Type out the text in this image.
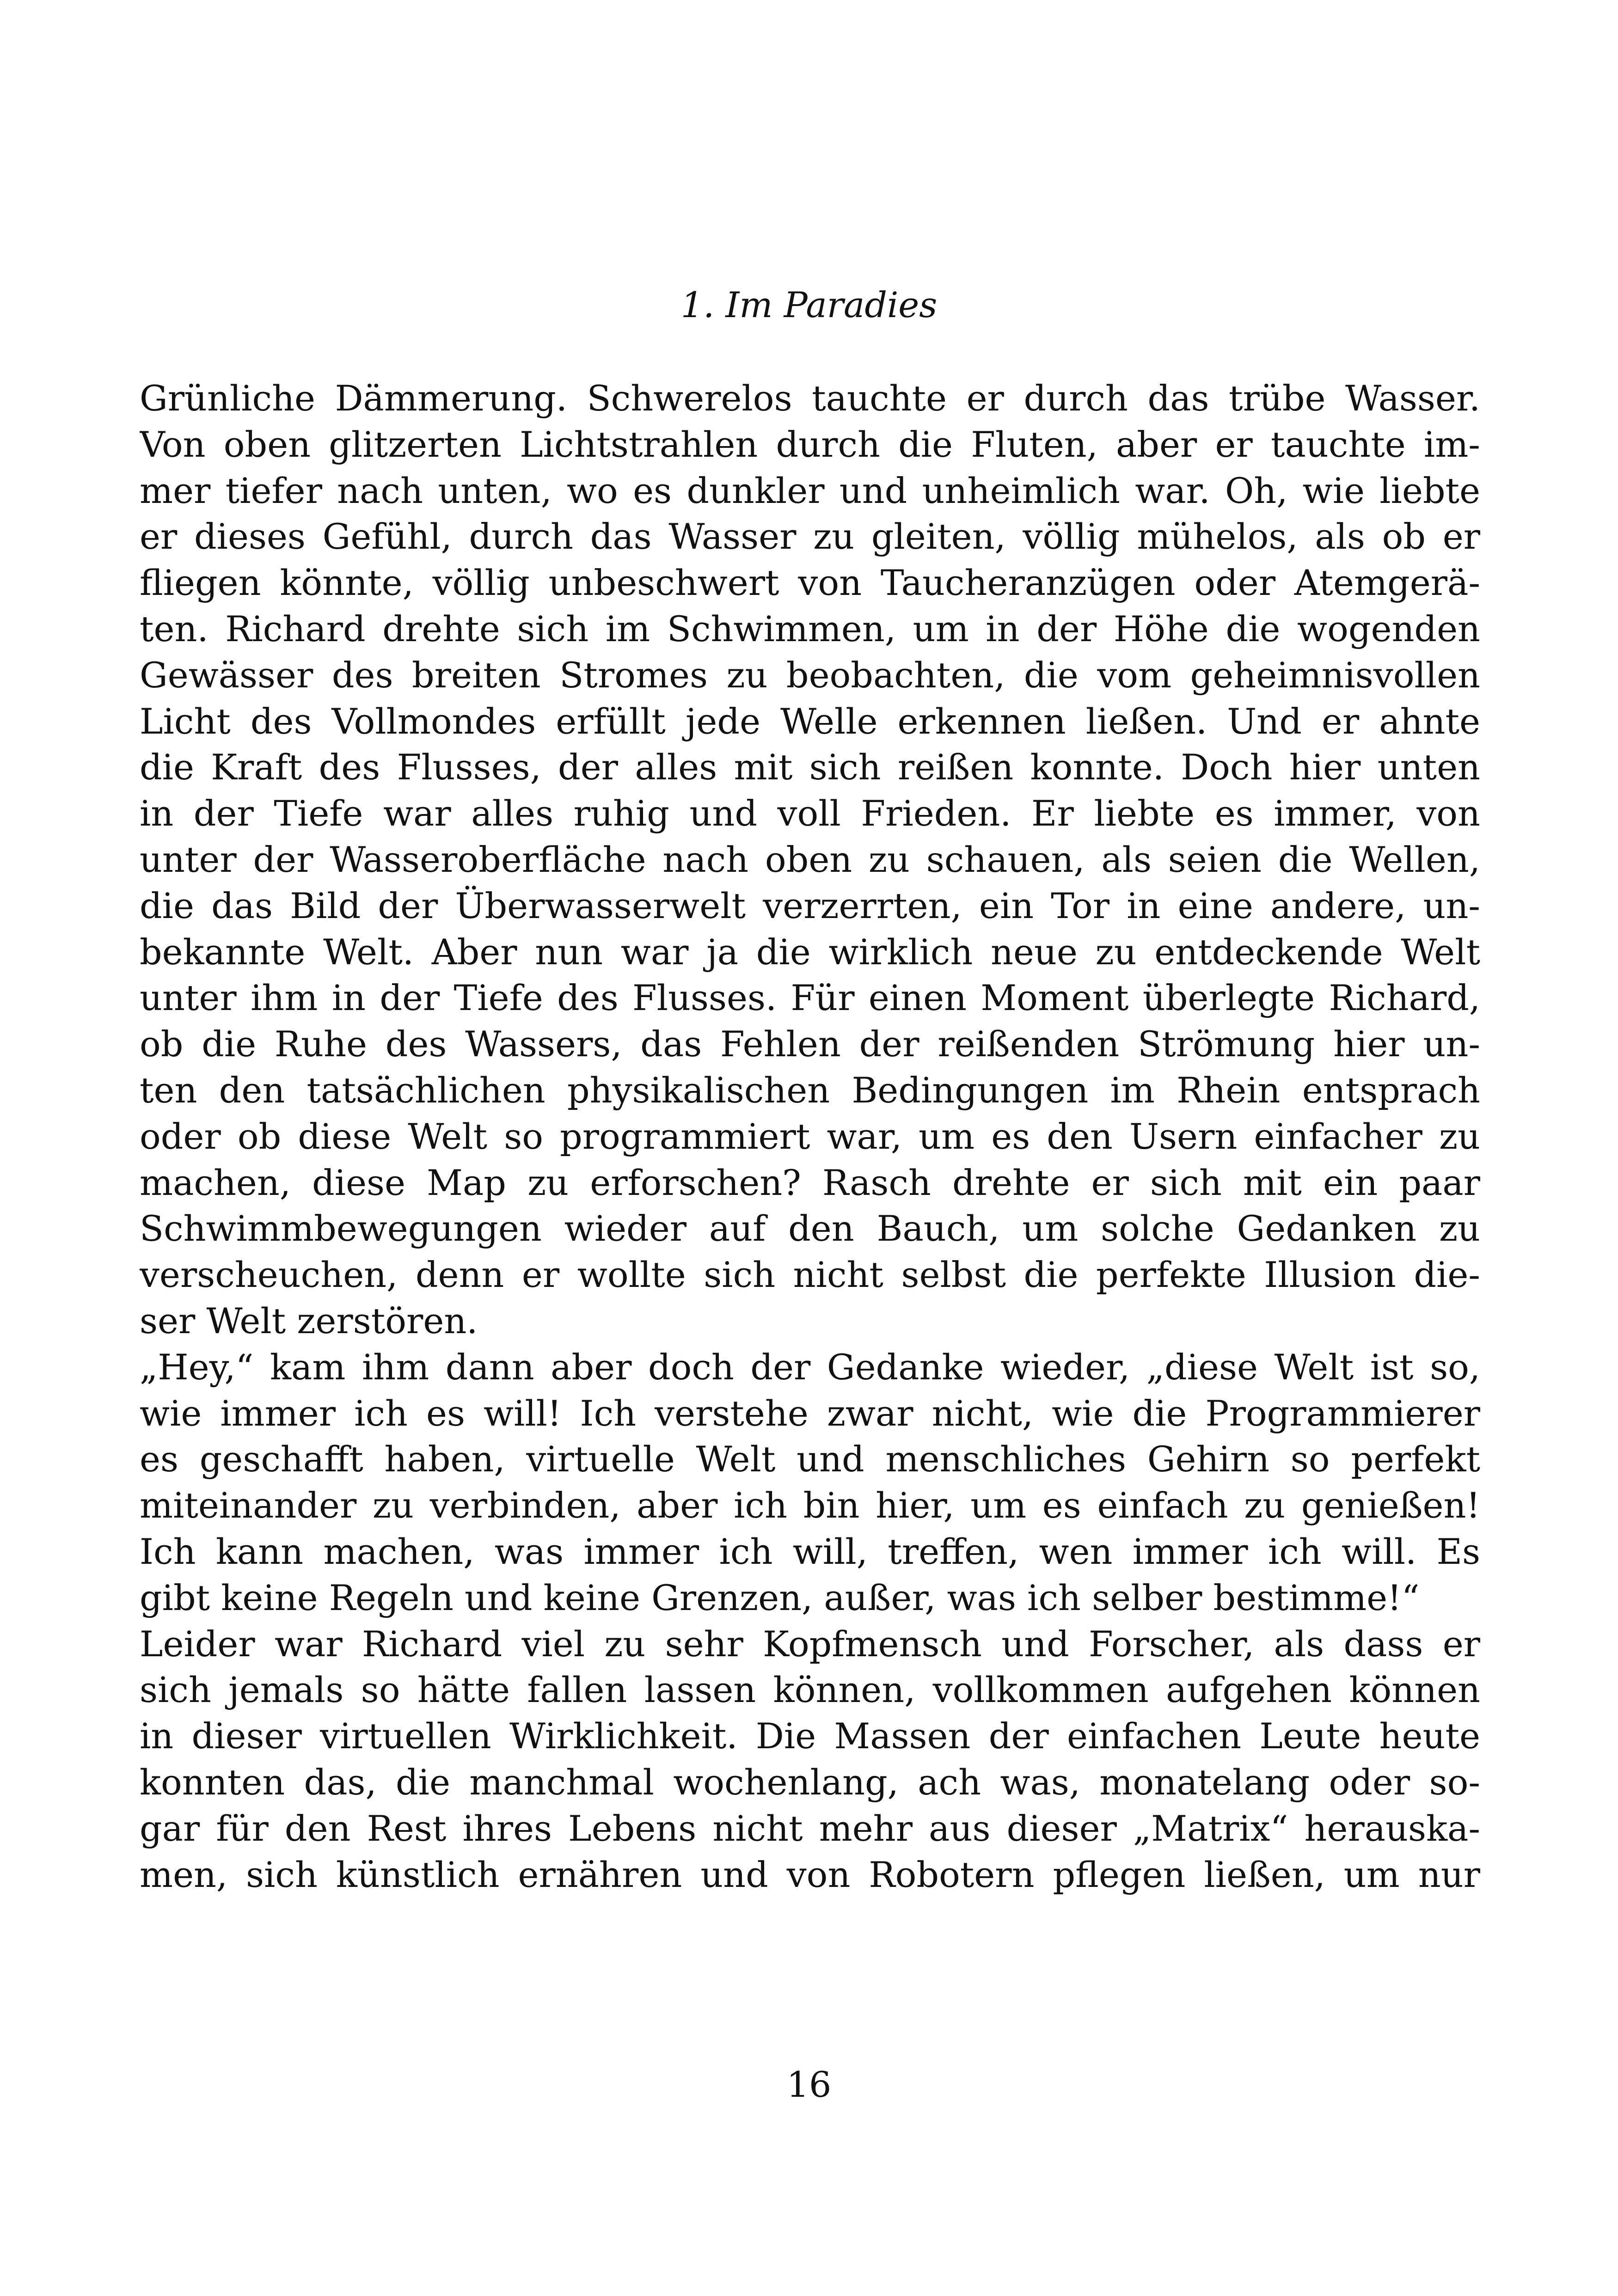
1. Im Paradies
Grünliche Dämmerung. Schwerelos tauchte er durch das trübe Wasser.
Von oben glitzerten Lichtstrahlen durch die Fluten, aber er tauchte im-
mer tiefer nach unten, wo es dunkler und unheimlich war. Oh, wie liebte
er dieses Gefühl, durch das Wasser zu gleiten, völlig mühelos, als ob er
fliegen könnte, völlig unbeschwert von Taucheranzügen oder Atemgerä-
ten. Richard drehte sich im Schwimmen, um in der Höhe die wogenden
Gewässer des breiten Stromes zu beobachten, die vom geheimnisvollen
Licht des Vollmondes erfüllt jede Welle erkennen ließen. Und er ahnte
die Kraft des Flusses, der alles mit sich reißen konnte. Doch hier unten
in der Tiefe war alles ruhig und voll Frieden. Er liebte es immer, von
unter der Wasseroberfläche nach oben zu schauen, als seien die Wellen,
die das Bild der Überwasserwelt verzerrten, ein Tor in eine andere, un-
bekannte Welt. Aber nun war ja die wirklich neue zu entdeckende Welt
unter ihm in der Tiefe des Flusses. Für einen Moment überlegte Richard,
ob die Ruhe des Wassers, das Fehlen der reißenden Strömung hier un-
ten den tatsächlichen physikalischen Bedingungen im Rhein entsprach
oder ob diese Welt so programmiert war, um es den Usern einfacher zu
machen, diese Map zu erforschen? Rasch drehte er sich mit ein paar
Schwimmbewegungen wieder auf den Bauch, um solche Gedanken zu
verscheuchen, denn er wollte sich nicht selbst die perfekte Illusion die-
ser Welt zerstören.
„Hey,“ kam ihm dann aber doch der Gedanke wieder, „diese Welt ist so,
wie immer ich es will! Ich verstehe zwar nicht, wie die Programmierer
es geschafft haben, virtuelle Welt und menschliches Gehirn so perfekt
miteinander zu verbinden, aber ich bin hier, um es einfach zu genießen!
Ich kann machen, was immer ich will, treffen, wen immer ich will. Es
gibt keine Regeln und keine Grenzen, außer, was ich selber bestimme!“
Leider war Richard viel zu sehr Kopfmensch und Forscher, als dass er
sich jemals so hätte fallen lassen können, vollkommen aufgehen können
in dieser virtuellen Wirklichkeit. Die Massen der einfachen Leute heute
konnten das, die manchmal wochenlang, ach was, monatelang oder so-
gar für den Rest ihres Lebens nicht mehr aus dieser „Matrix“ herauska-
men, sich künstlich ernähren und von Robotern pflegen ließen, um nur
16
